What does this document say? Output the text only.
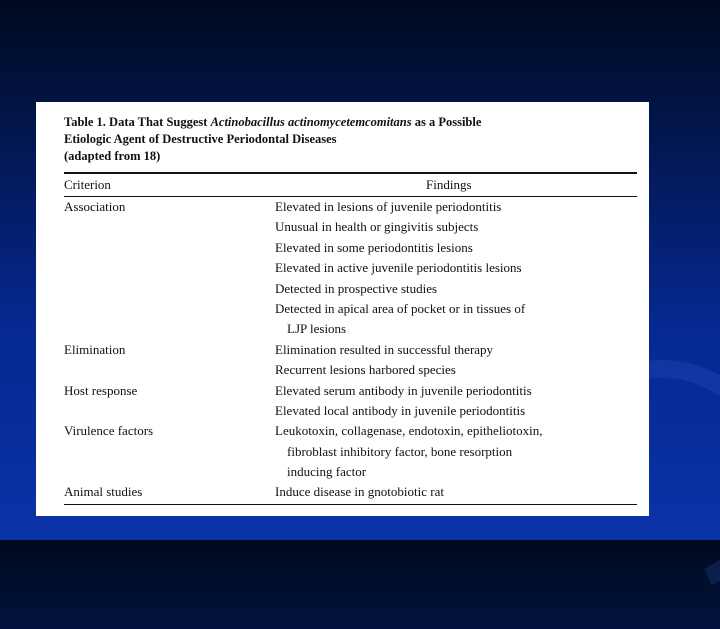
Table 1. Data That Suggest Actinobacillus actinomycetemcomitans as a Possible
Etiologic Agent of Destructive Periodontal Diseases
(adapted from 18)
Criterion	Findings
Association	Elevated in lesions of juvenile periodontitis
Unusual in health or gingivitis subjects
Elevated in some periodontitis lesions
Elevated in active juvenile periodontitis lesions
Detected in prospective studies
Detected in apical area of pocket or in tissues of
LJP lesions
Elimination	Elimination resulted in successful therapy
Recurrent lesions harbored species
Host response	Elevated serum antibody in juvenile periodontitis
Elevated local antibody in juvenile periodontitis
Virulence factors	Leukotoxin, collagenase, endotoxin, epitheliotoxin,
fibroblast inhibitory factor, bone resorption
inducing factor
Animal studies	Induce disease in gnotobiotic rat
